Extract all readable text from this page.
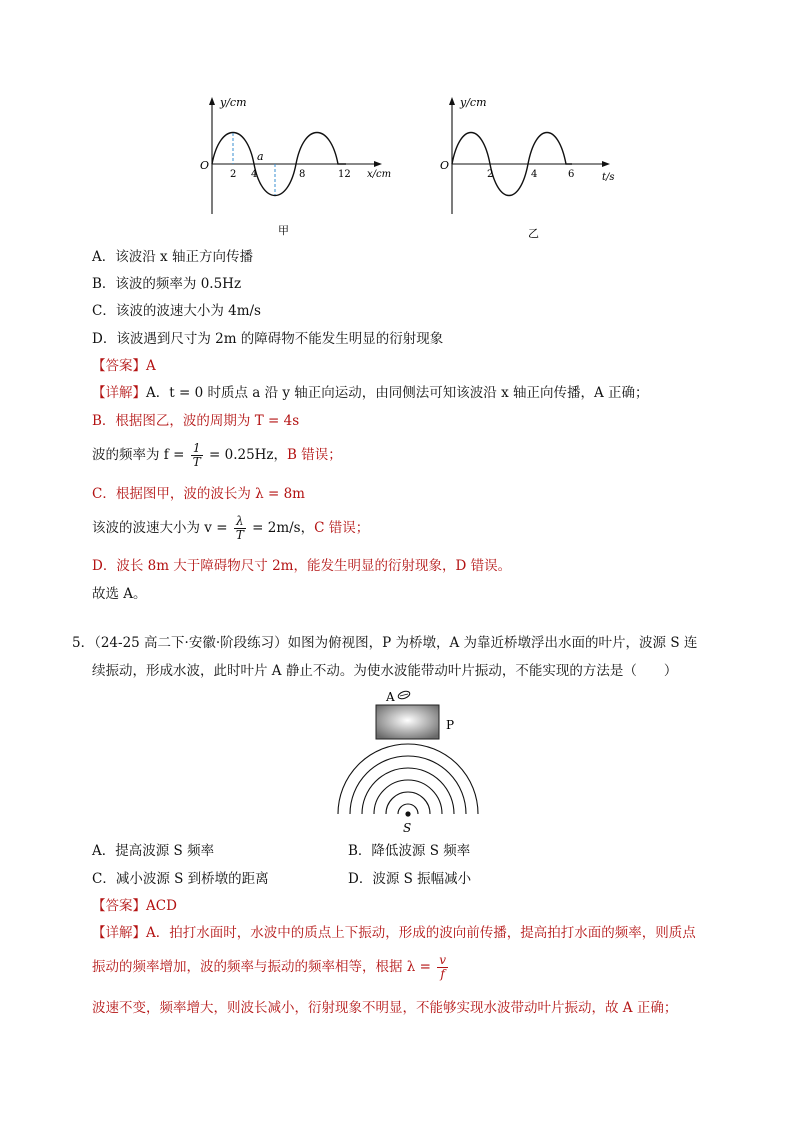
y/cm
O
a
2 4	8	12 x/cm
甲
y/cm
O
2	4	6	t/s
乙
A．该波沿 x 轴正方向传播
B．该波的频率为 0.5Hz
C．该波的波速大小为 4m/s
D．该波遇到尺寸为 2m 的障碍物不能发生明显的衍射现象
【答案】A
【详解】A．t = 0 时质点 a 沿 y 轴正向运动，由同侧法可知该波沿 x 轴正向传播，A 正确；
B．根据图乙，波的周期为 T = 4s
波的频率为 $f = \frac{1}{T} = 0.25Hz$，B 错误；
C．根据图甲，波的波长为 λ = 8m
该波的波速大小为 $v = \frac{\lambda}{T} = 2m/s$，C 错误；
D．波长 8m 大于障碍物尺寸 2m，能发生明显的衍射现象，D 错误。
故选 A。
5．（24-25 高二下·安徽·阶段练习）如图为俯视图，P 为桥墩，A 为靠近桥墩浮出水面的叶片，波源 S 连
续振动，形成水波，此时叶片 A 静止不动。为使水波能带动叶片振动，不能实现的方法是（　　）
A
P
S
A．提高波源 S 频率	B．降低波源 S 频率
C．减小波源 S 到桥墩的距离	D．波源 S 振幅减小
【答案】ACD
【详解】A．拍打水面时，水波中的质点上下振动，形成的波向前传播，提高拍打水面的频率，则质点
振动的频率增加，波的频率与振动的频率相等，根据 $\lambda = \frac{v}{f}$
波速不变，频率增大，则波长减小，衍射现象不明显，不能够实现水波带动叶片振动，故 A 正确；
